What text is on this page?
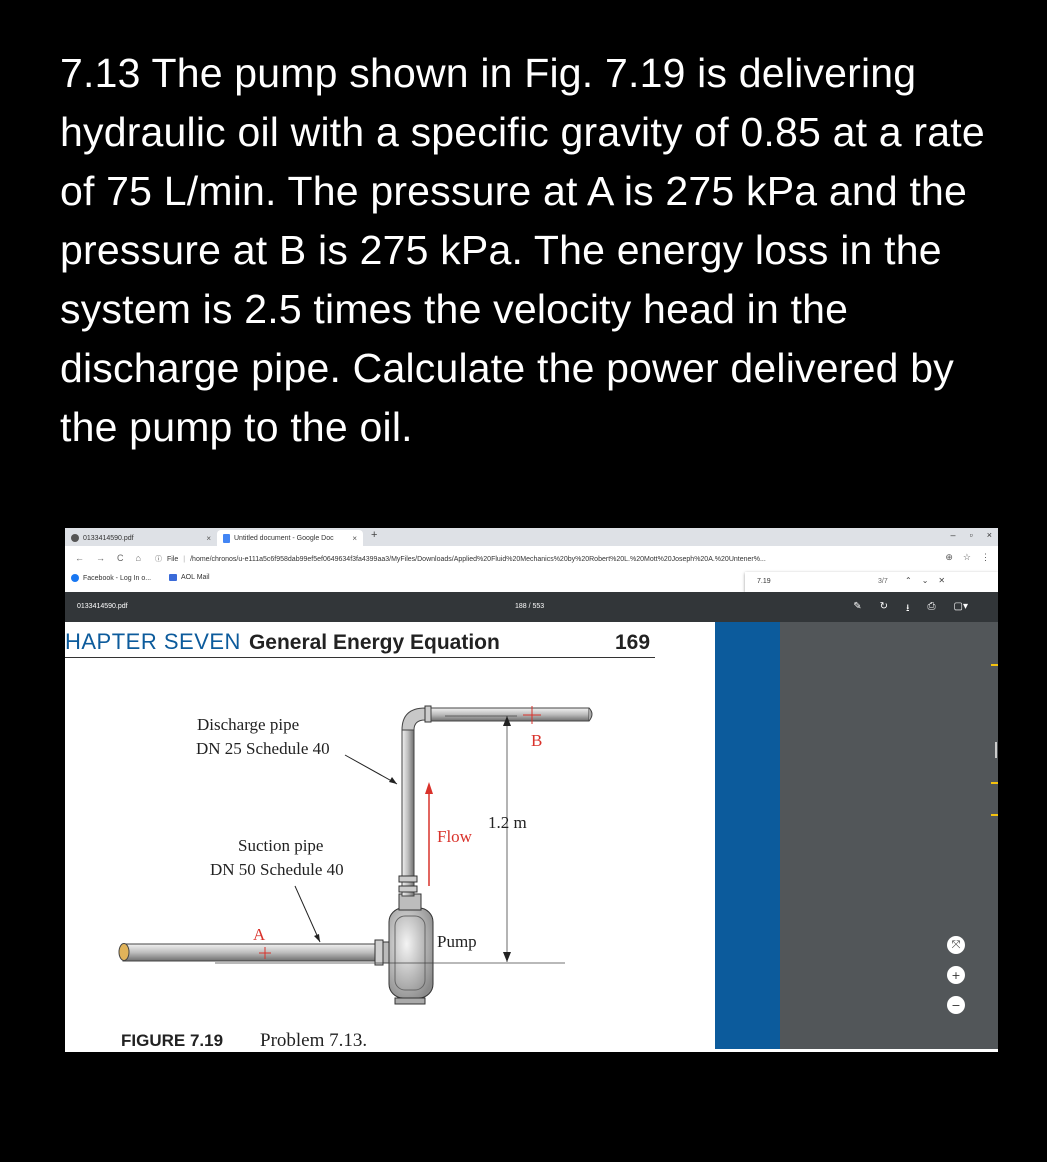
7.13 The pump shown in Fig. 7.19 is delivering hydraulic oil with a specific gravity of 0.85 at a rate of 75 L/min. The pressure at A is 275 kPa and the pressure at B is 275 kPa. The energy loss in the system is 2.5 times the velocity head in the discharge pipe. Calculate the power delivered by the pump to the oil.
0133414590.pdf	×	Untitled document - Google Doc × +	– ▫ ×
← → C ⌂ ⓘ File | /home/chronos/u-e111a5c6f958dab99ef5ef0649634f3fa4399aa3/MyFiles/Downloads/Applied%20Fluid%20Mechanics%20by%20Robert%20L.%20Mott%20Joseph%20A.%20Untener%...	⊕ ☆ ⋮
Facebook - Log In o...	AOL Mail
7.19	3/7 ⌃ ⌄ ✕
0133414590.pdf	188 / 553	✎ ↻ ⭳ ⎙ ▢▾
HAPTER SEVEN General Energy Equation	169
Discharge pipe
DN 25 Schedule 40
Suction pipe
DN 50 Schedule 40
Flow
Pump
1.2 m
A
B
FIGURE 7.19 Problem 7.13.
⤧
+
−
